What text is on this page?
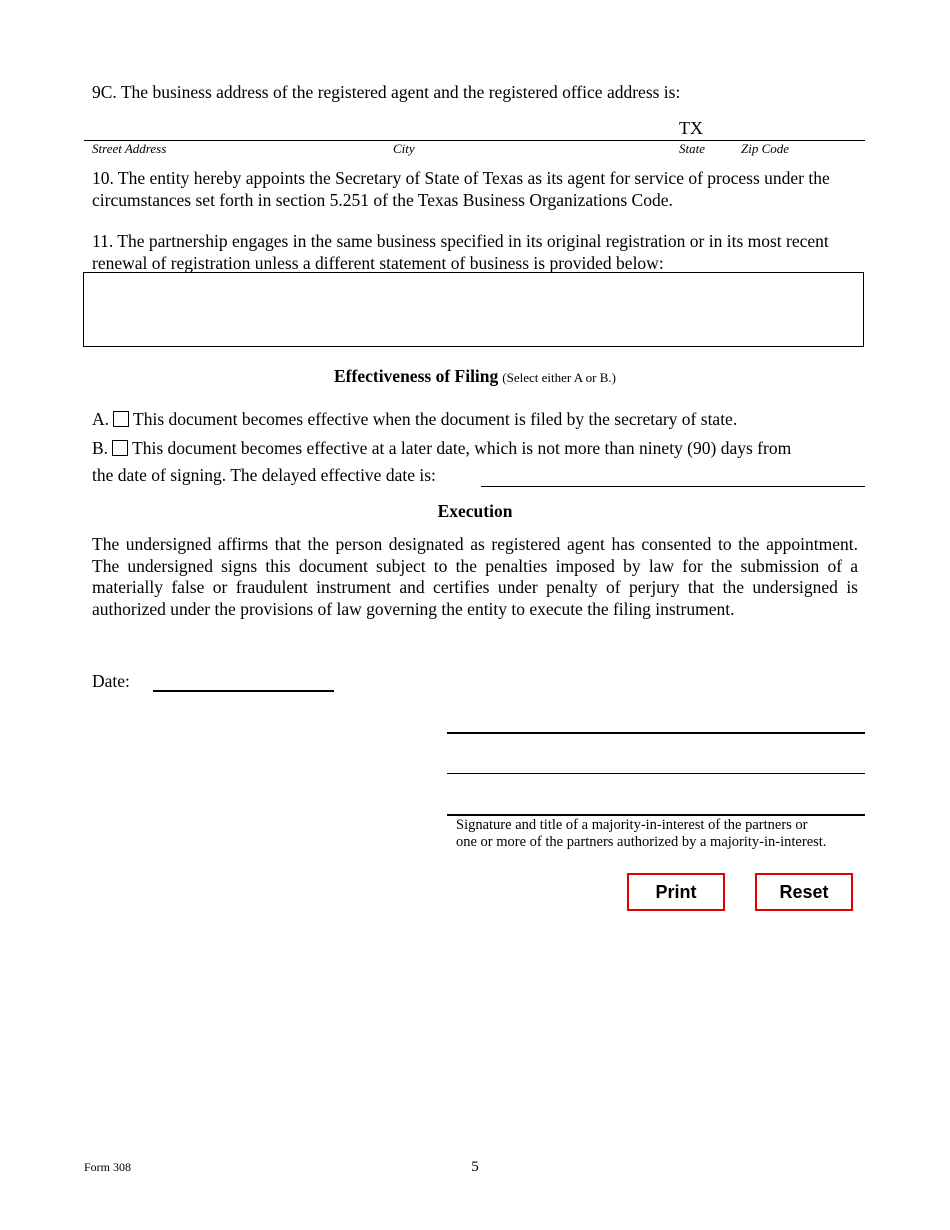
9C. The business address of the registered agent and the registered office address is:
TX
Street Address	City	State	Zip Code
10. The entity hereby appoints the Secretary of State of Texas as its agent for service of process under the circumstances set forth in section 5.251 of the Texas Business Organizations Code.
11. The partnership engages in the same business specified in its original registration or in its most recent renewal of registration unless a different statement of business is provided below:
Effectiveness of Filing (Select either A or B.)
A. This document becomes effective when the document is filed by the secretary of state.
B. This document becomes effective at a later date, which is not more than ninety (90) days from
the date of signing. The delayed effective date is:
Execution
The undersigned affirms that the person designated as registered agent has consented to the appointment. The undersigned signs this document subject to the penalties imposed by law for the submission of a materially false or fraudulent instrument and certifies under penalty of perjury that the undersigned is authorized under the provisions of law governing the entity to execute the filing instrument.
Date:
Signature and title of a majority-in-interest of the partners or
one or more of the partners authorized by a majority-in-interest.
Print	Reset
Form 308	5
